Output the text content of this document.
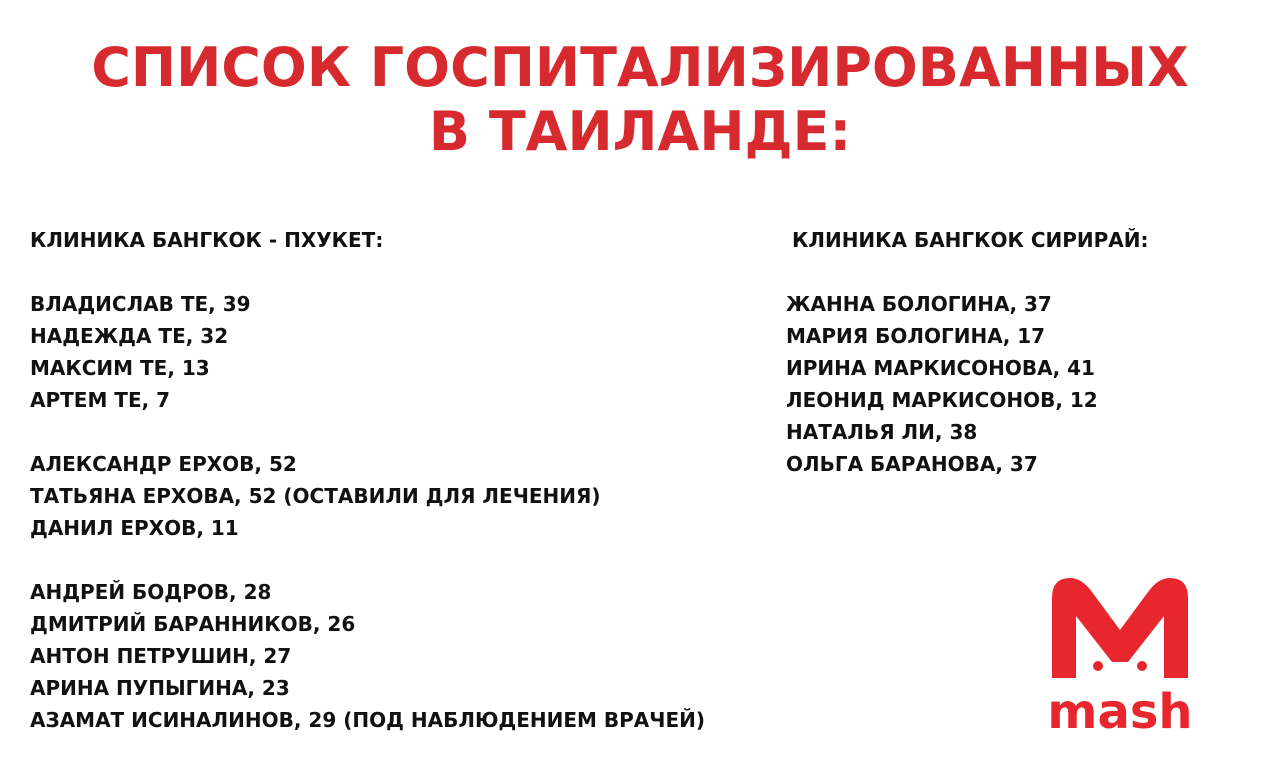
СПИСОК ГОСПИТАЛИЗИРОВАННЫХ
В ТАИЛАНДЕ:
КЛИНИКА БАНГКОК - ПХУКЕТ:
ВЛАДИСЛАВ ТЕ, 39
НАДЕЖДА ТЕ, 32
МАКСИМ ТЕ, 13
АРТЕМ ТЕ, 7
АЛЕКСАНДР ЕРХОВ, 52
ТАТЬЯНА ЕРХОВА, 52 (ОСТАВИЛИ ДЛЯ ЛЕЧЕНИЯ)
ДАНИЛ ЕРХОВ, 11
АНДРЕЙ БОДРОВ, 28
ДМИТРИЙ БАРАННИКОВ, 26
АНТОН ПЕТРУШИН, 27
АРИНА ПУПЫГИНА, 23
АЗАМАТ ИСИНАЛИНОВ, 29 (ПОД НАБЛЮДЕНИЕМ ВРАЧЕЙ)
КЛИНИКА БАНГКОК СИРИРАЙ:
ЖАННА БОЛОГИНА, 37
МАРИЯ БОЛОГИНА, 17
ИРИНА МАРКИСОНОВА, 41
ЛЕОНИД МАРКИСОНОВ, 12
НАТАЛЬЯ ЛИ, 38
ОЛЬГА БАРАНОВА, 37
mash
